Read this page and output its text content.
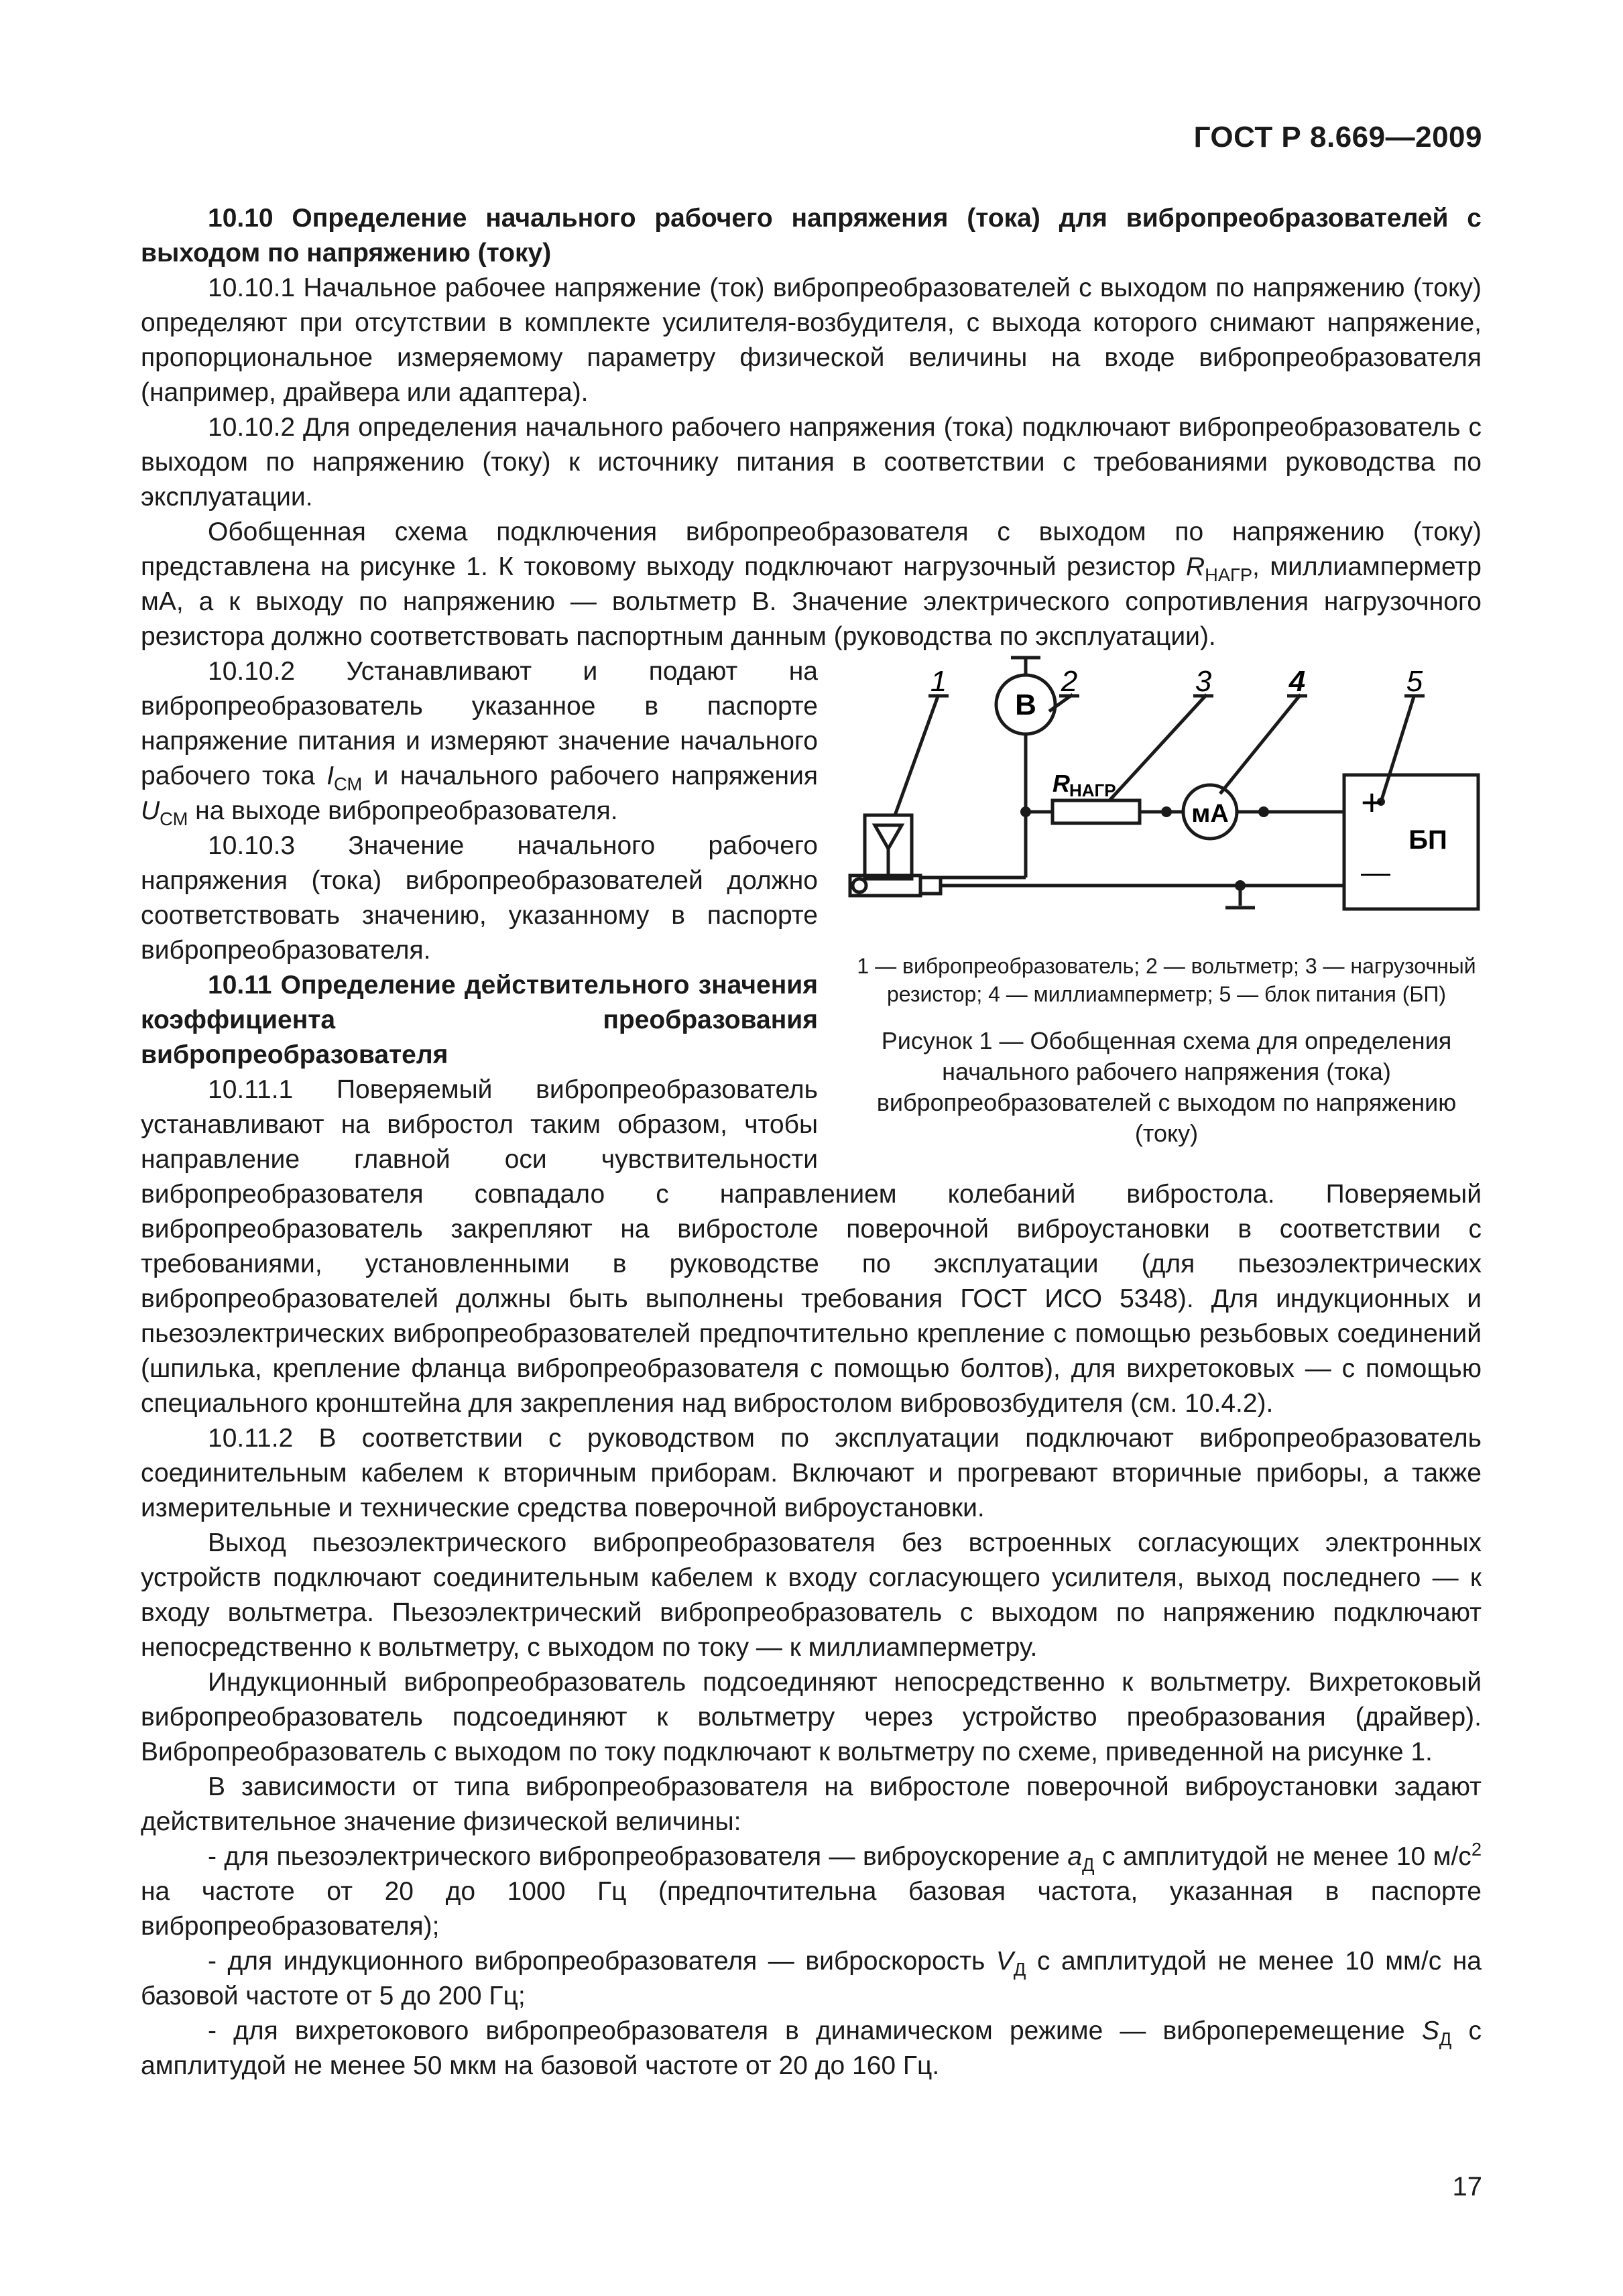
ГОСТ Р 8.669—2009

10.10 Определение начального рабочего напряжения (тока) для вибропреобразователей с выходом по напряжению (току)

10.10.1 Начальное рабочее напряжение (ток) вибропреобразователей с выходом по напряжению (току) определяют при отсутствии в комплекте усилителя-возбудителя, с выхода которого снимают напряжение, пропорциональное измеряемому параметру физической величины на входе вибропреобразователя (например, драйвера или адаптера).

10.10.2 Для определения начального рабочего напряжения (тока) подключают вибропреобразователь с выходом по напряжению (току) к источнику питания в соответствии с требованиями руководства по эксплуатации.

Обобщенная схема подключения вибропреобразователя с выходом по напряжению (току) представлена на рисунке 1. К токовому выходу подключают нагрузочный резистор $R_{НАГР}$, миллиамперметр мА, а к выходу по напряжению — вольтметр В. Значение электрического сопротивления нагрузочного резистора должно соответствовать паспортным данным (руководства по эксплуатации).

В
мА
R НАГР	+
—
БП
1	2	3	4	5
1 — вибропреобразователь; 2 — вольтметр; 3 — нагрузочный резистор; 4 — миллиамперметр; 5 — блок питания (БП)
Рисунок 1 — Обобщенная схема для определения начального рабочего напряжения (тока) вибропреобразователей с выходом по напряжению (току)

10.10.2 Устанавливают и подают на вибропреобразователь указанное в паспорте напряжение питания и измеряют значение начального рабочего тока $I_{СМ}$ и начального рабочего напряжения $U_{СМ}$ на выходе вибропреобразователя.

10.10.3 Значение начального рабочего напряжения (тока) вибропреобразователей должно соответствовать значению, указанному в паспорте вибропреобразователя.

10.11 Определение действительного значения коэффициента преобразования вибропреобразователя

10.11.1 Поверяемый вибропреобразователь устанавливают на вибростол таким образом, чтобы направление главной оси чувствительности вибропреобразователя совпадало с направлением колебаний вибростола. Поверяемый вибропреобразователь закрепляют на вибростоле поверочной виброустановки в соответствии с требованиями, установленными в руководстве по эксплуатации (для пьезоэлектрических вибропреобразователей должны быть выполнены требования ГОСТ ИСО 5348). Для индукционных и пьезоэлектрических вибропреобразователей предпочтительно крепление с помощью резьбовых соединений (шпилька, крепление фланца вибропреобразователя с помощью болтов), для вихретоковых — с помощью специального кронштейна для закрепления над вибростолом вибровозбудителя (см. 10.4.2).

10.11.2 В соответствии с руководством по эксплуатации подключают вибропреобразователь соединительным кабелем к вторичным приборам. Включают и прогревают вторичные приборы, а также измерительные и технические средства поверочной виброустановки.

Выход пьезоэлектрического вибропреобразователя без встроенных согласующих электронных устройств подключают соединительным кабелем к входу согласующего усилителя, выход последнего — к входу вольтметра. Пьезоэлектрический вибропреобразователь с выходом по напряжению подключают непосредственно к вольтметру, с выходом по току — к миллиамперметру.

Индукционный вибропреобразователь подсоединяют непосредственно к вольтметру. Вихретоковый вибропреобразователь подсоединяют к вольтметру через устройство преобразования (драйвер). Вибропреобразователь с выходом по току подключают к вольтметру по схеме, приведенной на рисунке 1.

В зависимости от типа вибропреобразователя на вибростоле поверочной виброустановки задают действительное значение физической величины:

- для пьезоэлектрического вибропреобразователя — виброускорение $a_Д$ с амплитудой не менее 10 $м/с^2$ на частоте от 20 до 1000 Гц (предпочтительна базовая частота, указанная в паспорте вибропреобразователя);

- для индукционного вибропреобразователя — виброскорость $V_Д$ с амплитудой не менее 10 мм/с на базовой частоте от 5 до 200 Гц;

- для вихретокового вибропреобразователя в динамическом режиме — виброперемещение $S_Д$ с амплитудой не менее 50 мкм на базовой частоте от 20 до 160 Гц.

17
